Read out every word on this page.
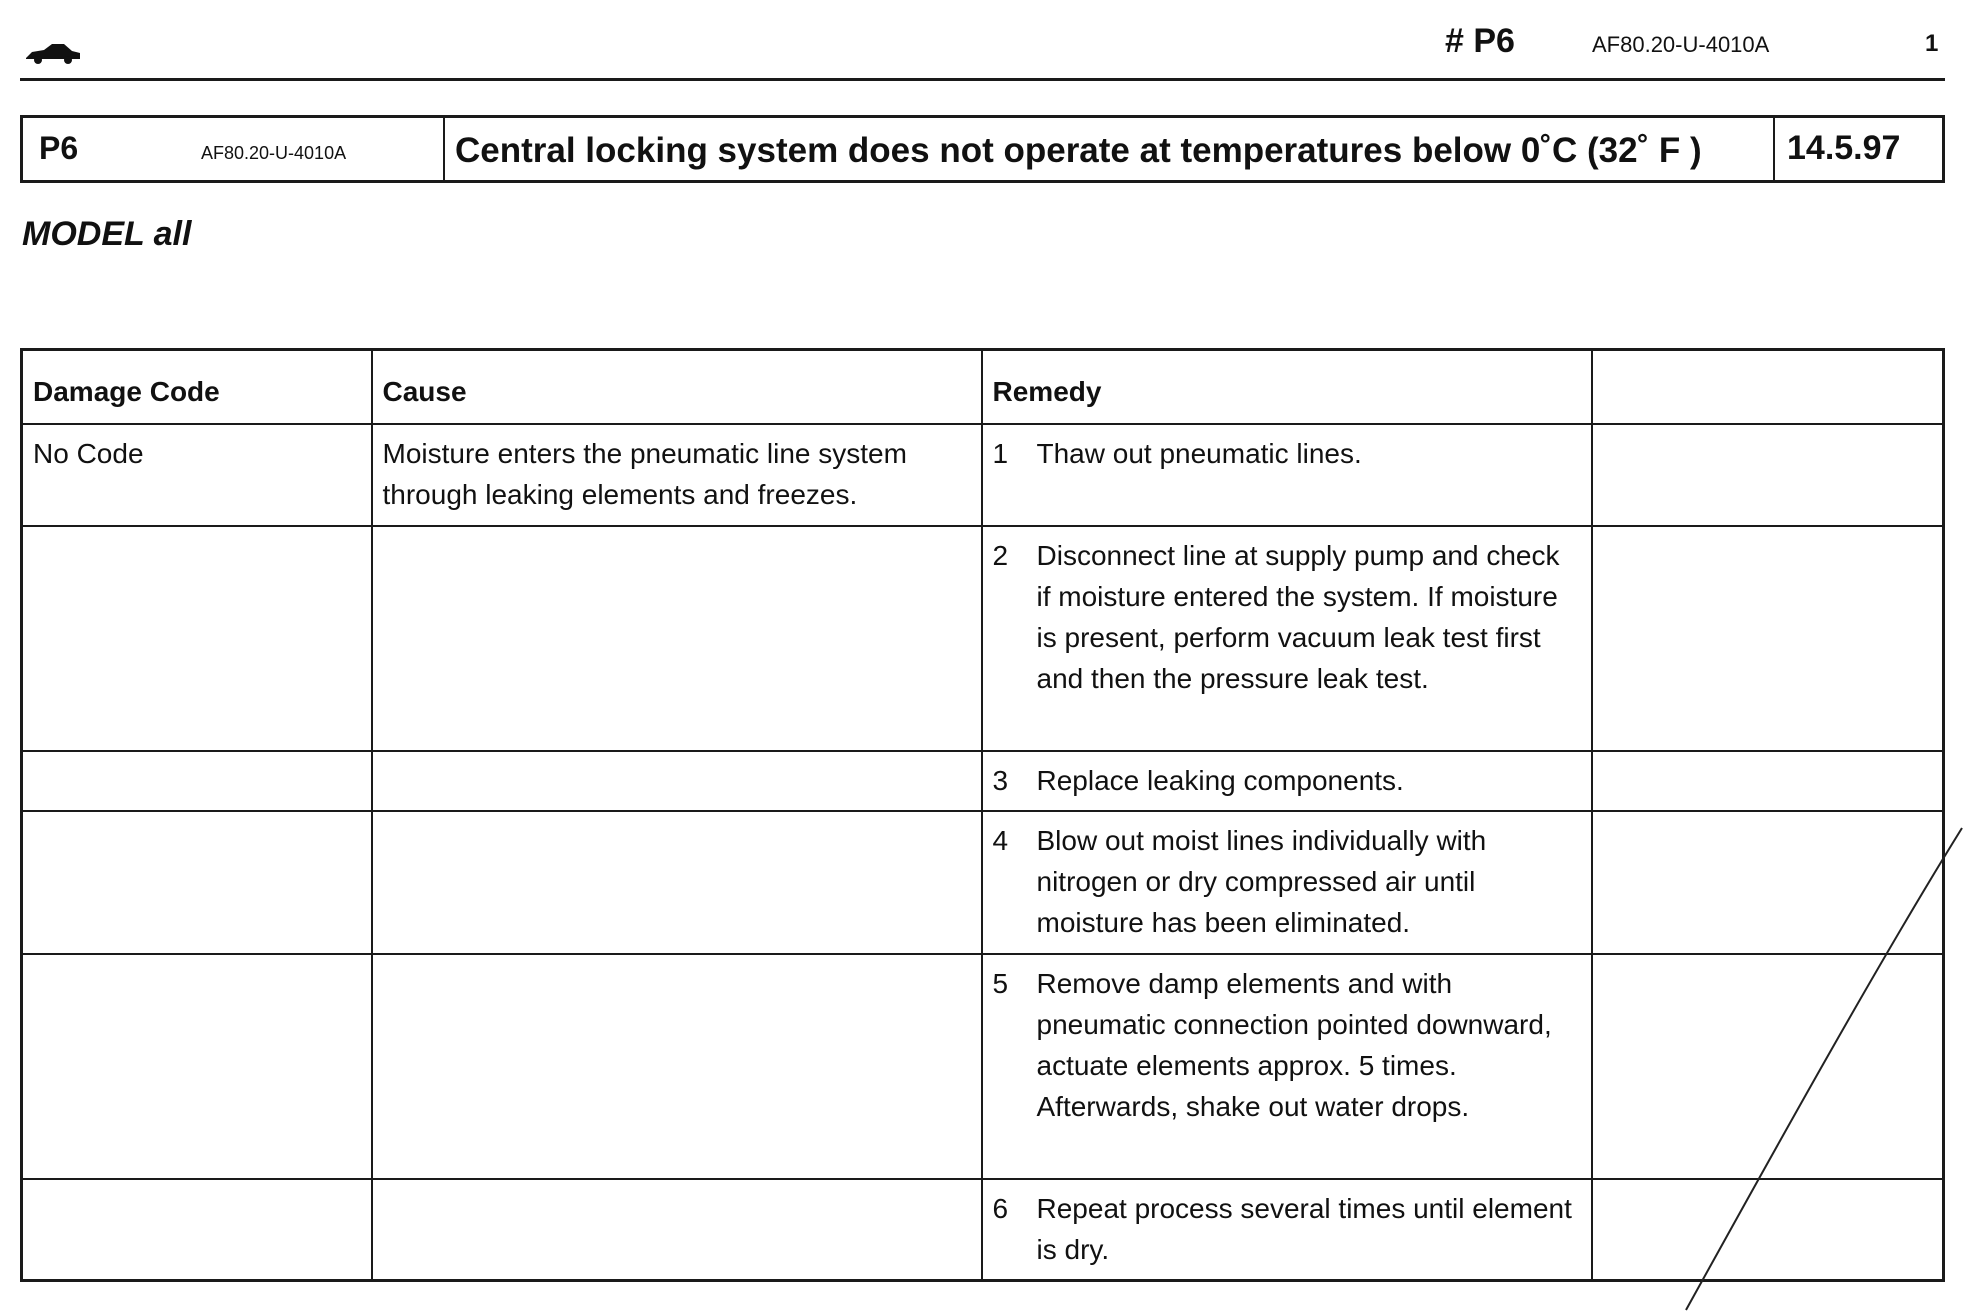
# P6	AF80.20-U-4010A	1
P6	AF80.20-U-4010A	Central locking system does not operate at temperatures below 0˚C (32˚ F )	14.5.97
MODEL all
Damage Code	Cause	Remedy	
No Code	Moisture enters the pneumatic line system through leaking elements and freezes.	1 Thaw out pneumatic lines.	

		2 Disconnect line at supply pump and check if moisture entered the system. If moisture is present, perform vacuum leak test first and then the pressure leak test.	

		3 Replace leaking components.	

		4 Blow out moist lines individually with nitrogen or dry compressed air until moisture has been eliminated.	

		5 Remove damp elements and with pneumatic connection pointed downward, actuate elements approx. 5 times. Afterwards, shake out water drops.	

		6 Repeat process several times until element is dry.	
